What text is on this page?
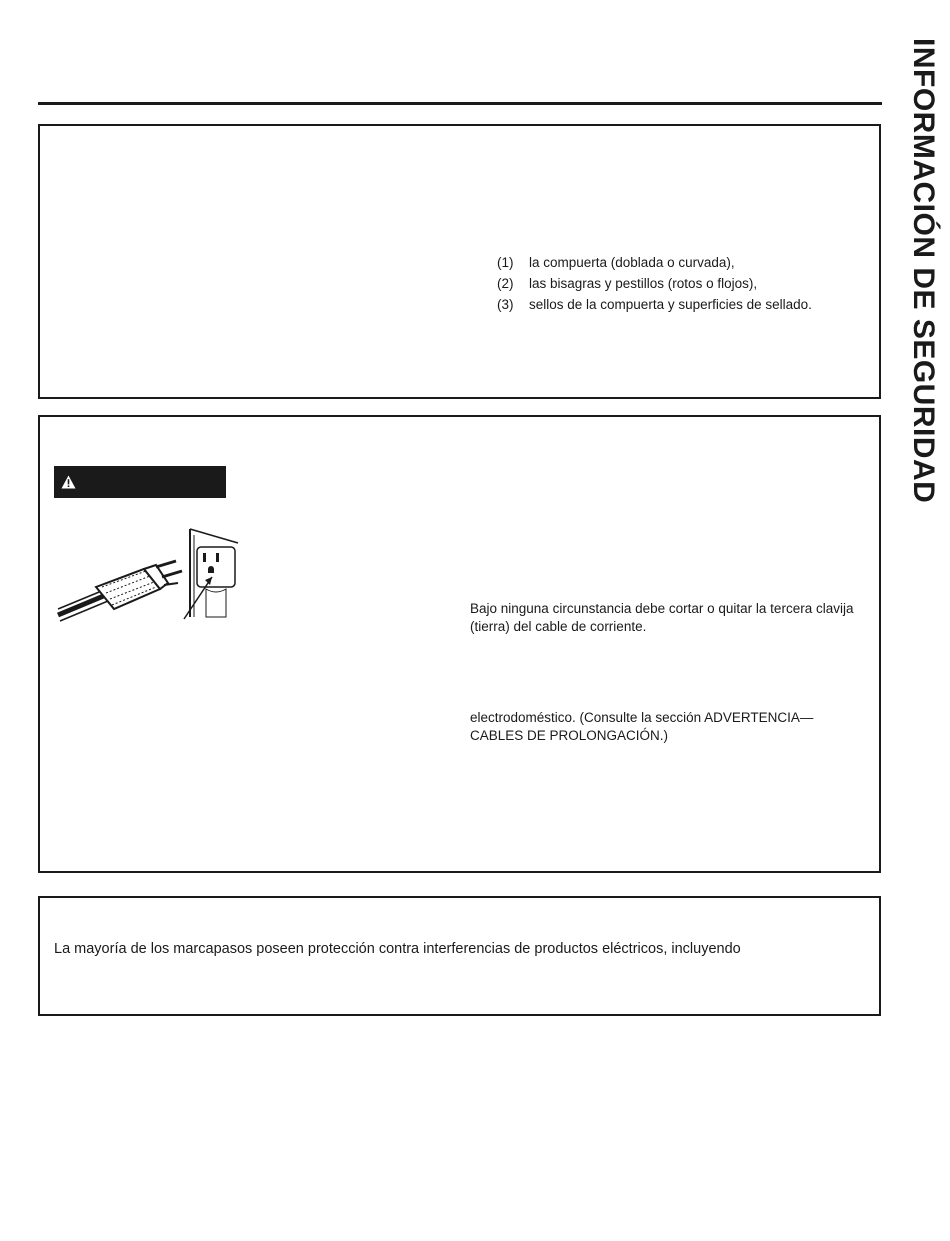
INFORMACIÓN DE SEGURIDAD
(1) la compuerta (doblada o curvada),
(2) las bisagras y pestillos (rotos o flojos),
(3) sellos de la compuerta y superficies de sellado.

Bajo ninguna circunstancia debe cortar o quitar la tercera clavija (tierra) del cable de corriente.

electrodoméstico. (Consulte la sección ADVERTENCIA—
CABLES DE PROLONGACIÓN.)

La mayoría de los marcapasos poseen protección contra interferencias de productos eléctricos, incluyendo
